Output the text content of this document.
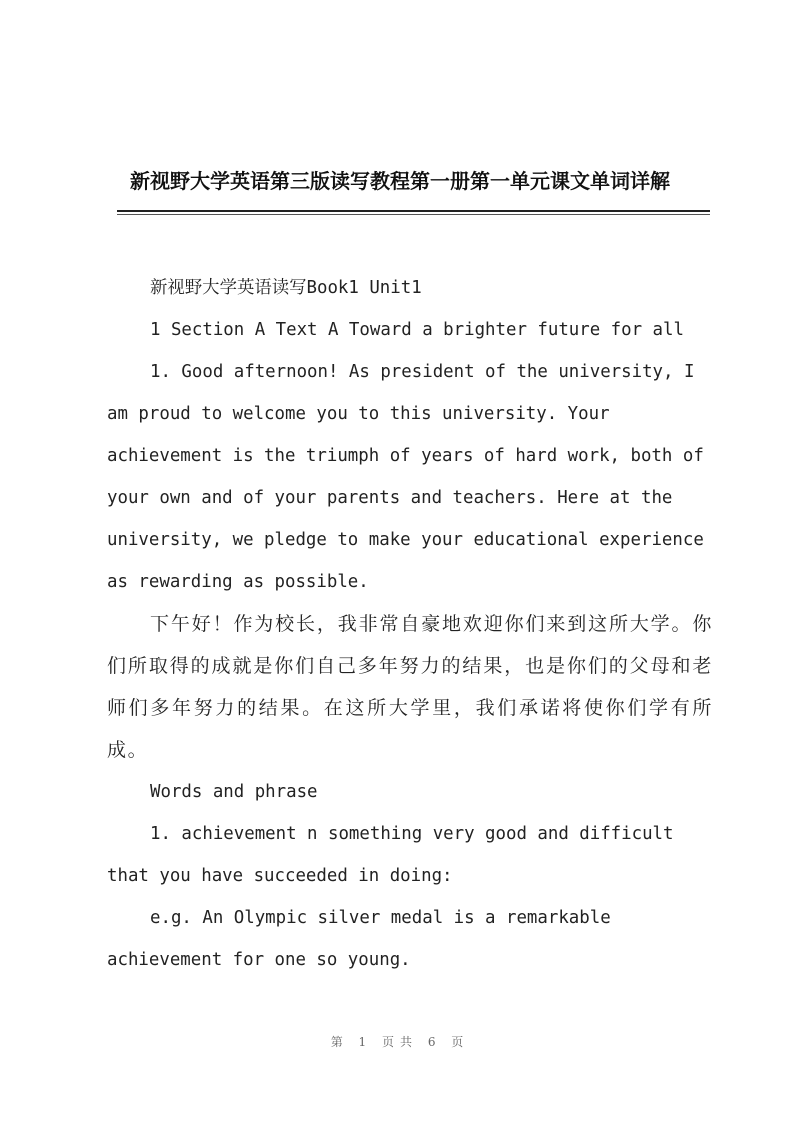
新视野大学英语第三版读写教程第一册第一单元课文单词详解

新视野大学英语读写Book1 Unit1

1 Section A Text A Toward a brighter future for all

1. Good afternoon! As president of the university, I am proud to welcome you to this university. Your achievement is the triumph of years of hard work, both of your own and of your parents and teachers. Here at the university, we pledge to make your educational experience as rewarding as possible.

下午好！作为校长，我非常自豪地欢迎你们来到这所大学。你们所取得的成就是你们自己多年努力的结果，也是你们的父母和老师们多年努力的结果。在这所大学里，我们承诺将使你们学有所成。

Words and phrase

1. achievement n something very good and difficult that you have succeeded in doing:

e.g. An Olympic silver medal is a remarkable achievement for one so young.

第 1 页共 6 页
